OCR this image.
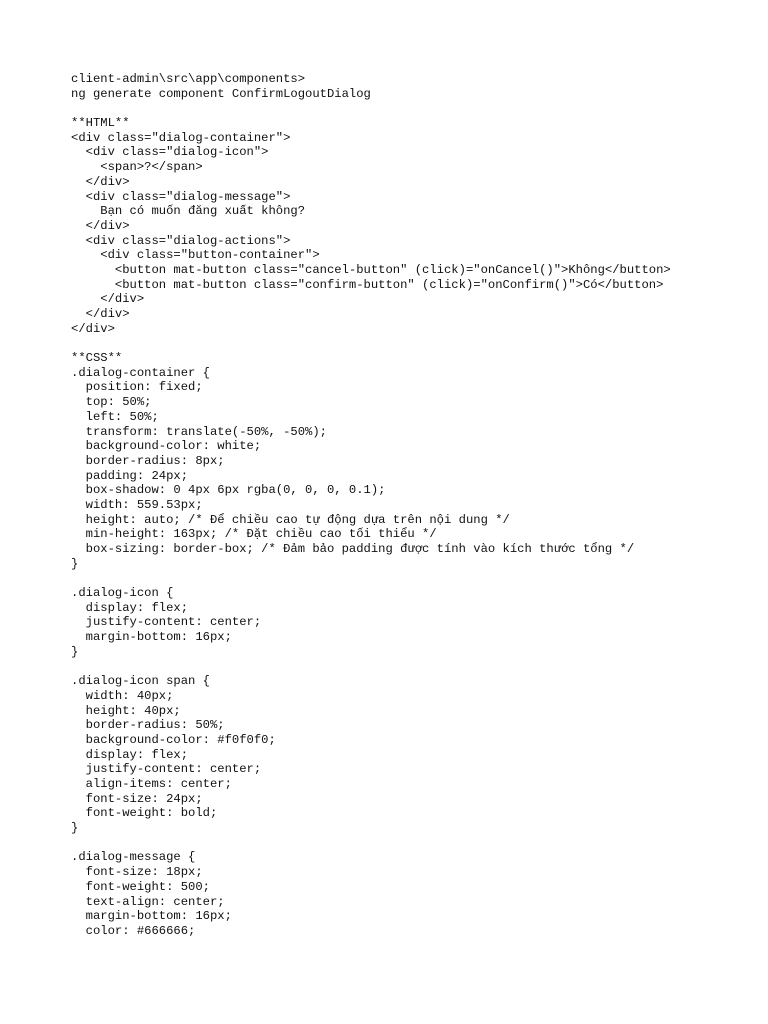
client-admin\src\app\components>
ng generate component ConfirmLogoutDialog
**HTML**
<div class="dialog-container">
<div class="dialog-icon">
<span>?</span>
</div>
<div class="dialog-message">
Bạn có muốn đăng xuất không?
</div>
<div class="dialog-actions">
<div class="button-container">
<button mat-button class="cancel-button" (click)="onCancel()">Không</button>
<button mat-button class="confirm-button" (click)="onConfirm()">Có</button>
</div>
</div>
</div>
**CSS**
.dialog-container {
position: fixed;
top: 50%;
left: 50%;
transform: translate(-50%, -50%);
background-color: white;
border-radius: 8px;
padding: 24px;
box-shadow: 0 4px 6px rgba(0, 0, 0, 0.1);
width: 559.53px;
height: auto; /* Để chiều cao tự động dựa trên nội dung */
min-height: 163px; /* Đặt chiều cao tối thiểu */
box-sizing: border-box; /* Đảm bảo padding được tính vào kích thước tổng */
}
.dialog-icon {
display: flex;
justify-content: center;
margin-bottom: 16px;
}
.dialog-icon span {
width: 40px;
height: 40px;
border-radius: 50%;
background-color: #f0f0f0;
display: flex;
justify-content: center;
align-items: center;
font-size: 24px;
font-weight: bold;
}
.dialog-message {
font-size: 18px;
font-weight: 500;
text-align: center;
margin-bottom: 16px;
color: #666666;
